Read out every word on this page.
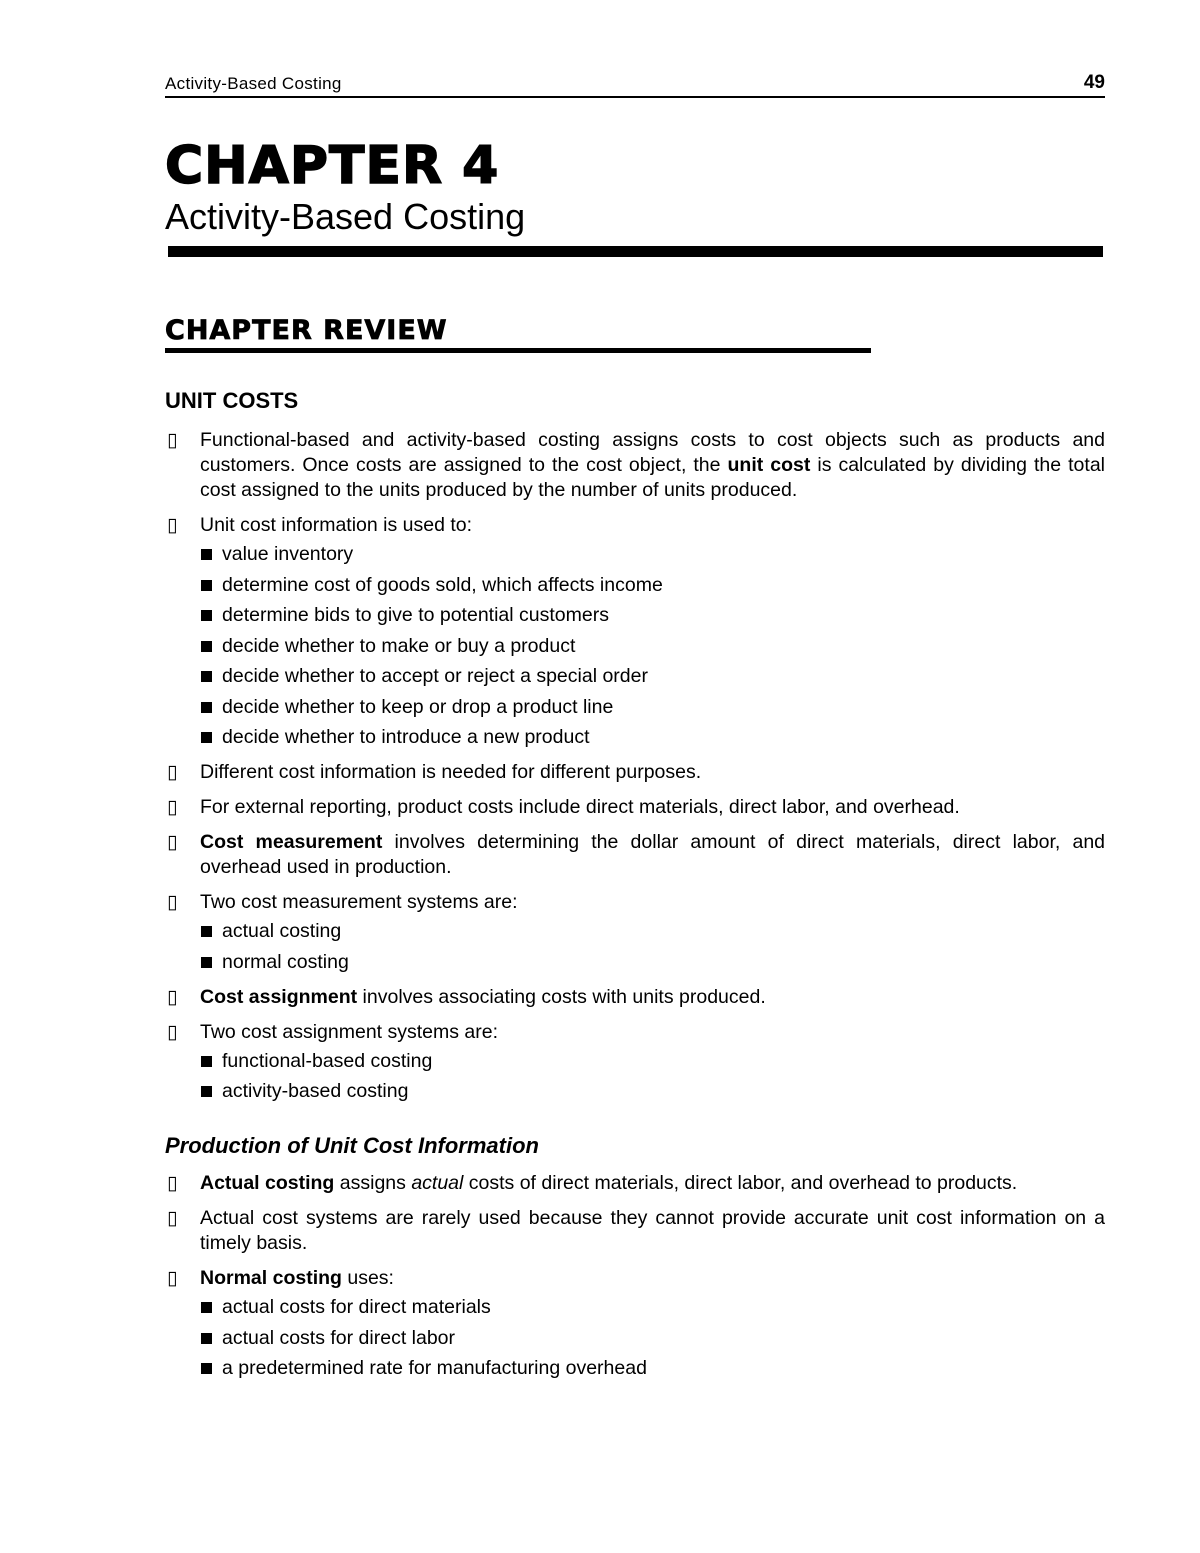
Activity-Based Costing	49
CHAPTER 4
Activity-Based Costing
CHAPTER REVIEW
UNIT COSTS
▯ Functional-based and activity-based costing assigns costs to cost objects such as products and customers. Once costs are assigned to the cost object, the unit cost is calculated by dividing the total cost assigned to the units produced by the number of units produced.
▯ Unit cost information is used to:
value inventory
determine cost of goods sold, which affects income
determine bids to give to potential customers
decide whether to make or buy a product
decide whether to accept or reject a special order
decide whether to keep or drop a product line
decide whether to introduce a new product
▯ Different cost information is needed for different purposes.
▯ For external reporting, product costs include direct materials, direct labor, and overhead.
▯ Cost measurement involves determining the dollar amount of direct materials, direct labor, and overhead used in production.
▯ Two cost measurement systems are:
actual costing
normal costing
▯ Cost assignment involves associating costs with units produced.
▯ Two cost assignment systems are:
functional-based costing
activity-based costing
Production of Unit Cost Information
▯ Actual costing assigns actual costs of direct materials, direct labor, and overhead to products.
▯ Actual cost systems are rarely used because they cannot provide accurate unit cost information on a timely basis.
▯ Normal costing uses:
actual costs for direct materials
actual costs for direct labor
a predetermined rate for manufacturing overhead
